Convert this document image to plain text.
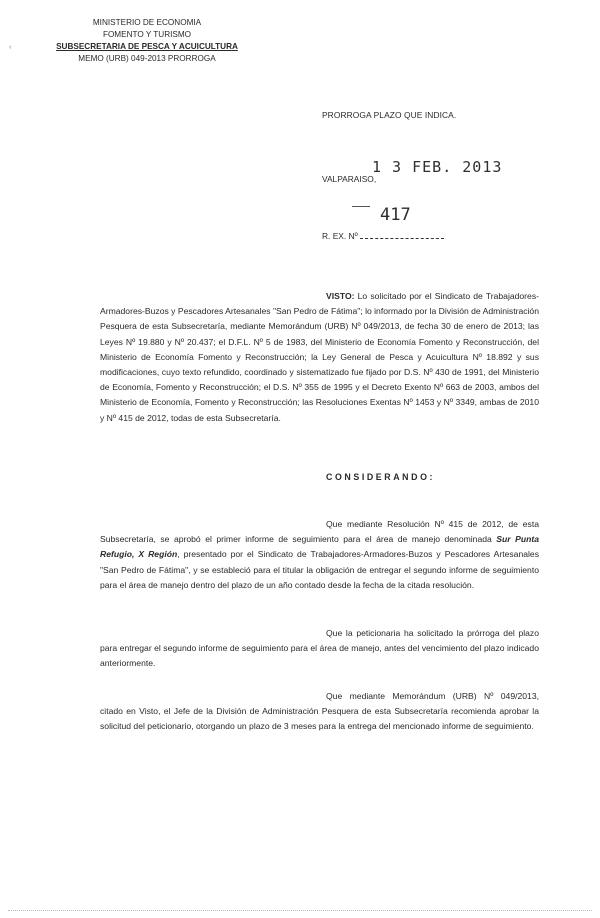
‹
MINISTERIO DE ECONOMIA
FOMENTO Y TURISMO
SUBSECRETARIA DE PESCA Y ACUICULTURA
MEMO (URB) 049-2013 PRORROGA
PRORROGA PLAZO QUE INDICA.
VALPARAISO,
1 3 FEB. 2013
417
R. EX. Nº
VISTO: Lo solicitado por el Sindicato de Trabajadores-Armadores-Buzos y Pescadores Artesanales "San Pedro de Fátima"; lo informado por la División de Administración Pesquera de esta Subsecretaría, mediante Memorándum (URB) Nº 049/2013, de fecha 30 de enero de 2013; las Leyes Nº 19.880 y Nº 20.437; el D.F.L. Nº 5 de 1983, del Ministerio de Economía Fomento y Reconstrucción, del Ministerio de Economía Fomento y Reconstrucción; la Ley General de Pesca y Acuicultura Nº 18.892 y sus modificaciones, cuyo texto refundido, coordinado y sistematizado fue fijado por D.S. Nº 430 de 1991, del Ministerio de Economía, Fomento y Reconstrucción; el D.S. Nº 355 de 1995 y el Decreto Exento Nº 663 de 2003, ambos del Ministerio de Economía, Fomento y Reconstrucción; las Resoluciones Exentas Nº 1453 y Nº 3349, ambas de 2010 y Nº 415 de 2012, todas de esta Subsecretaría.
CONSIDERANDO:
Que mediante Resolución Nº 415 de 2012, de esta Subsecretaría, se aprobó el primer informe de seguimiento para el área de manejo denominada Sur Punta Refugio, X Región, presentado por el Sindicato de Trabajadores-Armadores-Buzos y Pescadores Artesanales "San Pedro de Fátima", y se estableció para el titular la obligación de entregar el segundo informe de seguimiento para el área de manejo dentro del plazo de un año contado desde la fecha de la citada resolución.
Que la peticionaria ha solicitado la prórroga del plazo para entregar el segundo informe de seguimiento para el área de manejo, antes del vencimiento del plazo indicado anteriormente.
Que mediante Memorándum (URB) Nº 049/2013, citado en Visto, el Jefe de la División de Administración Pesquera de esta Subsecretaría recomienda aprobar la solicitud del peticionario, otorgando un plazo de 3 meses para la entrega del mencionado informe de seguimiento.
